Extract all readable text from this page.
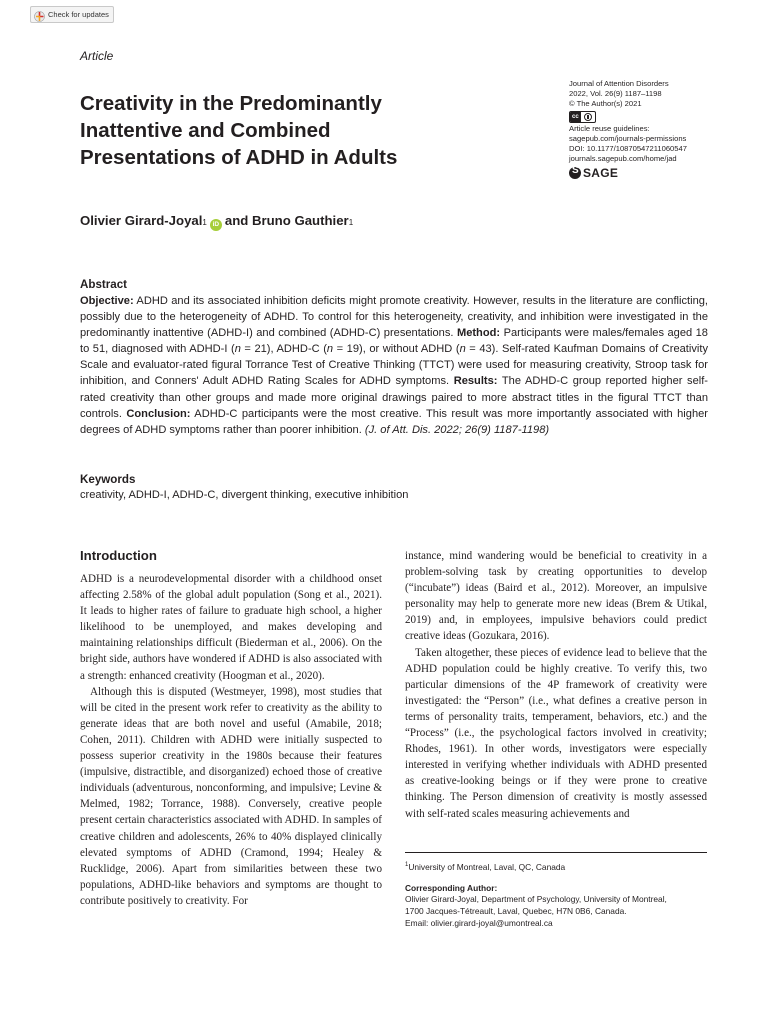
Check for updates
Article
Creativity in the Predominantly
Inattentive and Combined
Presentations of ADHD in Adults
Journal of Attention Disorders
2022, Vol. 26(9) 1187–1198
© The Author(s) 2021
cc
Article reuse guidelines:
sagepub.com/journals-permissions
DOI: 10.1177/10870547211060547
journals.sagepub.com/home/jad
S
SAGE
Olivier Girard-Joyal 1 iD and Bruno Gauthier 1
Abstract
Objective: ADHD and its associated inhibition deficits might promote creativity. However, results in the literature are conflicting, possibly due to the heterogeneity of ADHD. To control for this heterogeneity, creativity, and inhibition were investigated in the predominantly inattentive (ADHD-I) and combined (ADHD-C) presentations. Method: Participants were males/females aged 18 to 51, diagnosed with ADHD-I (n = 21), ADHD-C (n = 19), or without ADHD (n = 43). Self-rated Kaufman Domains of Creativity Scale and evaluator-rated figural Torrance Test of Creative Thinking (TTCT) were used for measuring creativity, Stroop task for inhibition, and Conners' Adult ADHD Rating Scales for ADHD symptoms. Results: The ADHD-C group reported higher self-rated creativity than other groups and made more original drawings paired to more abstract titles in the figural TTCT than controls. Conclusion: ADHD-C participants were the most creative. This result was more importantly associated with higher degrees of ADHD symptoms rather than poorer inhibition. (J. of Att. Dis. 2022; 26(9) 1187-1198)
Keywords
creativity, ADHD-I, ADHD-C, divergent thinking, executive inhibition
Introduction

ADHD is a neurodevelopmental disorder with a childhood onset affecting 2.58% of the global adult population (Song et al., 2021). It leads to higher rates of failure to graduate high school, a higher likelihood to be unemployed, and makes developing and maintaining relationships difficult (Biederman et al., 2006). On the bright side, authors have wondered if ADHD is also associated with a strength: enhanced creativity (Hoogman et al., 2020).

Although this is disputed (Westmeyer, 1998), most studies that will be cited in the present work refer to creativity as the ability to generate ideas that are both novel and useful (Amabile, 2018; Cohen, 2011). Children with ADHD were initially suspected to possess superior creativity in the 1980s because their features (impulsive, distractible, and disorganized) echoed those of creative individuals (adventurous, nonconforming, and impulsive; Levine & Melmed, 1982; Torrance, 1988). Conversely, creative people present certain characteristics associated with ADHD. In samples of creative children and adolescents, 26% to 40% displayed clinically elevated symptoms of ADHD (Cramond, 1994; Healey & Rucklidge, 2006). Apart from similarities between these two populations, ADHD-like behaviors and symptoms are thought to contribute positively to creativity. For

instance, mind wandering would be beneficial to creativity in a problem-solving task by creating opportunities to develop (“incubate”) ideas (Baird et al., 2012). Moreover, an impulsive personality may help to generate more new ideas (Brem & Utikal, 2019) and, in employees, impulsive behaviors could predict creative ideas (Gozukara, 2016).

Taken altogether, these pieces of evidence lead to believe that the ADHD population could be highly creative. To verify this, two particular dimensions of the 4P framework of creativity were investigated: the “Person” (i.e., what defines a creative person in terms of personality traits, temperament, behaviors, etc.) and the “Process” (i.e., the psychological factors involved in creativity; Rhodes, 1961). In other words, investigators were especially interested in verifying whether individuals with ADHD presented as creative-looking beings or if they were prone to creative thinking. The Person dimension of creativity is mostly assessed with self-rated scales measuring achievements and

$^1$University of Montreal, Laval, QC, Canada
Corresponding Author:
Olivier Girard-Joyal, Department of Psychology, University of Montreal,
1700 Jacques-Tétreault, Laval, Quebec, H7N 0B6, Canada.
Email: olivier.girard-joyal@umontreal.ca
